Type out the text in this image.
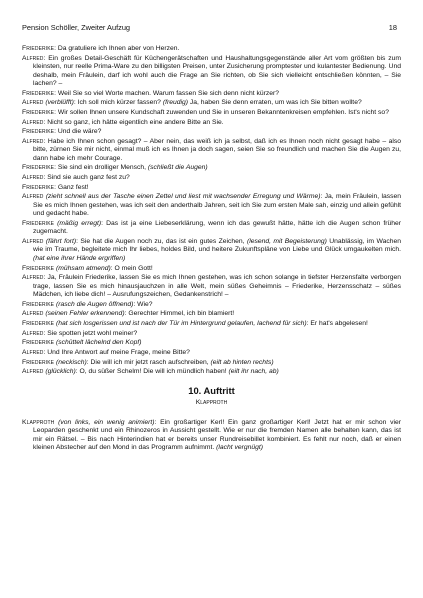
Pension Schöller, Zweiter Aufzug	18

Friederike: Da gratuliere ich Ihnen aber von Herzen.

Alfred: Ein großes Detail-Geschäft für Küchengerätschaften und Haushaltungsgegenstände aller Art vom größten bis zum kleinsten, nur reelle Prima-Ware zu den billigsten Preisen, unter Zusicherung promptester und kulantester Bedienung. Und deshalb, mein Fräulein, darf ich wohl auch die Frage an Sie richten, ob Sie sich vielleicht entschließen könnten, – Sie lachen? –

Friederike: Weil Sie so viel Worte machen. Warum fassen Sie sich denn nicht kürzer?

Alfred (verblüfft): Ich soll mich kürzer fassen? (freudig) Ja, haben Sie denn erraten, um was ich Sie bitten wollte?

Friederike: Wir sollen Ihnen unsere Kundschaft zuwenden und Sie in unseren Bekanntenkreisen empfehlen. Ist's nicht so?

Alfred: Nicht so ganz, ich hätte eigentlich eine andere Bitte an Sie.

Friederike: Und die wäre?

Alfred: Habe ich Ihnen schon gesagt? – Aber nein, das weiß ich ja selbst, daß ich es Ihnen noch nicht gesagt habe – also bitte, zürnen Sie mir nicht, einmal muß ich es Ihnen ja doch sagen, seien Sie so freundlich und machen Sie die Augen zu, dann habe ich mehr Courage.

Friederike: Sie sind ein drolliger Mensch, (schließt die Augen)

Alfred: Sind sie auch ganz fest zu?

Friederike: Ganz fest!

Alfred (zieht schnell aus der Tasche einen Zettel und liest mit wachsender Erregung und Wärme): Ja, mein Fräulein, lassen Sie es mich Ihnen gestehen, was ich seit den anderthalb Jahren, seit ich Sie zum ersten Male sah, einzig und allein gefühlt und gedacht habe.

Friederike (mäßig erregt): Das ist ja eine Liebeserklärung, wenn ich das gewußt hätte, hätte ich die Augen schon früher zugemacht.

Alfred (fährt fort): Sie hat die Augen noch zu, das ist ein gutes Zeichen, (lesend, mit Begeisterung) Unablässig, im Wachen wie im Traume, begleitete mich Ihr liebes, holdes Bild, und heitere Zukunftspläne von Liebe und Glück umgaukelten mich. (hat eine ihrer Hände ergriffen)

Friederike (mühsam atmend): O mein Gott!

Alfred: Ja, Fräulein Friederike, lassen Sie es mich Ihnen gestehen, was ich schon solange in tiefster Herzensfalte verborgen trage, lassen Sie es mich hinausjauchzen in alle Welt, mein süßes Geheimnis – Friederike, Herzensschatz – süßes Mädchen, ich liebe dich! – Ausrufungszeichen, Gedankenstrich! –

Friederike (rasch die Augen öffnend): Wie?

Alfred (seinen Fehler erkennend): Gerechter Himmel, ich bin blamiert!

Friederike (hat sich losgerissen und ist nach der Tür im Hintergrund gelaufen, lachend für sich): Er hat's abgelesen!

Alfred: Sie spotten jetzt wohl meiner?

Friederike (schüttelt lächelnd den Kopf)

Alfred: Und Ihre Antwort auf meine Frage, meine Bitte?

Friederike (neckisch): Die will ich mir jetzt rasch aufschreiben, (eilt ab hinten rechts)

Alfred (glücklich): O, du süßer Schelm! Die will ich mündlich haben! (eilt ihr nach, ab)

10. Auftritt
Klapproth

Klapproth (von links, ein wenig animiert): Ein großartiger Kerl! Ein ganz großartiger Kerl! Jetzt hat er mir schon vier Leoparden geschenkt und ein Rhinozeros in Aussicht gestellt. Wie er nur die fremden Namen alle behalten kann, das ist mir ein Rätsel. – Bis nach Hinterindien hat er bereits unser Rundreisebillet kombiniert. Es fehlt nur noch, daß er einen kleinen Abstecher auf den Mond in das Programm aufnimmt. (lacht vergnügt)
